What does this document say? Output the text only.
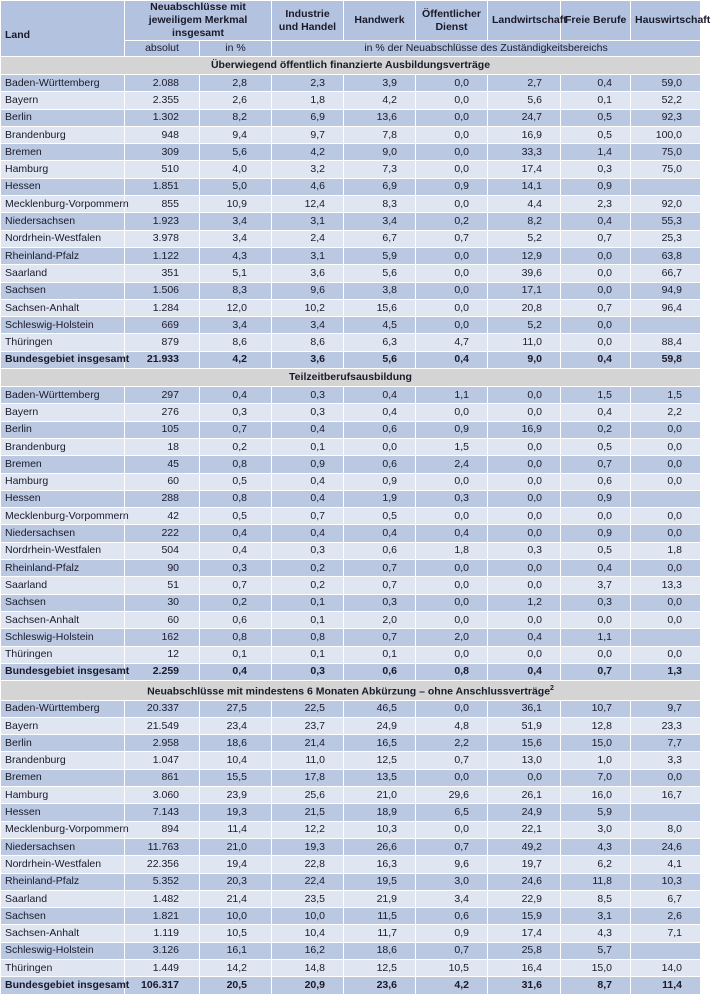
Land	Neuabschlüsse mit jeweiligem Merkmal insgesamt		Industrie und Handel	Handwerk	Öffentlicher Dienst	Landwirtschaft	Freie Berufe	Hauswirtschaft
	absolut	in %	in % der Neuabschlüsse des Zuständigkeitsbereichs					
Überwiegend öffentlich finanzierte Ausbildungsverträge								
Baden-Württemberg	2.088	2,8	2,3	3,9	0,0	2,7	0,4	59,0
Bayern	2.355	2,6	1,8	4,2	0,0	5,6	0,1	52,2
Berlin	1.302	8,2	6,9	13,6	0,0	24,7	0,5	92,3
Brandenburg	948	9,4	9,7	7,8	0,0	16,9	0,5	100,0
Bremen	309	5,6	4,2	9,0	0,0	33,3	1,4	75,0
Hamburg	510	4,0	3,2	7,3	0,0	17,4	0,3	75,0
Hessen	1.851	5,0	4,6	6,9	0,9	14,1	0,9	
Mecklenburg-Vorpommern	855	10,9	12,4	8,3	0,0	4,4	2,3	92,0
Niedersachsen	1.923	3,4	3,1	3,4	0,2	8,2	0,4	55,3
Nordrhein-Westfalen	3.978	3,4	2,4	6,7	0,7	5,2	0,7	25,3
Rheinland-Pfalz	1.122	4,3	3,1	5,9	0,0	12,9	0,0	63,8
Saarland	351	5,1	3,6	5,6	0,0	39,6	0,0	66,7
Sachsen	1.506	8,3	9,6	3,8	0,0	17,1	0,0	94,9
Sachsen-Anhalt	1.284	12,0	10,2	15,6	0,0	20,8	0,7	96,4
Schleswig-Holstein	669	3,4	3,4	4,5	0,0	5,2	0,0	
Thüringen	879	8,6	8,6	6,3	4,7	11,0	0,0	88,4
Bundesgebiet insgesamt	21.933	4,2	3,6	5,6	0,4	9,0	0,4	59,8
Teilzeitberufsausbildung								
Baden-Württemberg	297	0,4	0,3	0,4	1,1	0,0	1,5	1,5
Bayern	276	0,3	0,3	0,4	0,0	0,0	0,4	2,2
Berlin	105	0,7	0,4	0,6	0,9	16,9	0,2	0,0
Brandenburg	18	0,2	0,1	0,0	1,5	0,0	0,5	0,0
Bremen	45	0,8	0,9	0,6	2,4	0,0	0,7	0,0
Hamburg	60	0,5	0,4	0,9	0,0	0,0	0,6	0,0
Hessen	288	0,8	0,4	1,9	0,3	0,0	0,9	
Mecklenburg-Vorpommern	42	0,5	0,7	0,5	0,0	0,0	0,0	0,0
Niedersachsen	222	0,4	0,4	0,4	0,4	0,0	0,9	0,0
Nordrhein-Westfalen	504	0,4	0,3	0,6	1,8	0,3	0,5	1,8
Rheinland-Pfalz	90	0,3	0,2	0,7	0,0	0,0	0,4	0,0
Saarland	51	0,7	0,2	0,7	0,0	0,0	3,7	13,3
Sachsen	30	0,2	0,1	0,3	0,0	1,2	0,3	0,0
Sachsen-Anhalt	60	0,6	0,1	2,0	0,0	0,0	0,0	0,0
Schleswig-Holstein	162	0,8	0,8	0,7	2,0	0,4	1,1	
Thüringen	12	0,1	0,1	0,1	0,0	0,0	0,0	0,0
Bundesgebiet insgesamt	2.259	0,4	0,3	0,6	0,8	0,4	0,7	1,3
Neuabschlüsse mit mindestens 6 Monaten Abkürzung – ohne Anschlussverträge$^2$
Baden-Württemberg	20.337	27,5	22,5	46,5	0,0	36,1	10,7	9,7
Bayern	21.549	23,4	23,7	24,9	4,8	51,9	12,8	23,3
Berlin	2.958	18,6	21,4	16,5	2,2	15,6	15,0	7,7
Brandenburg	1.047	10,4	11,0	12,5	0,7	13,0	1,0	3,3
Bremen	861	15,5	17,8	13,5	0,0	0,0	7,0	0,0
Hamburg	3.060	23,9	25,6	21,0	29,6	26,1	16,0	16,7
Hessen	7.143	19,3	21,5	18,9	6,5	24,9	5,9	
Mecklenburg-Vorpommern	894	11,4	12,2	10,3	0,0	22,1	3,0	8,0
Niedersachsen	11.763	21,0	19,3	26,6	0,7	49,2	4,3	24,6
Nordrhein-Westfalen	22.356	19,4	22,8	16,3	9,6	19,7	6,2	4,1
Rheinland-Pfalz	5.352	20,3	22,4	19,5	3,0	24,6	11,8	10,3
Saarland	1.482	21,4	23,5	21,9	3,4	22,9	8,5	6,7
Sachsen	1.821	10,0	10,0	11,5	0,6	15,9	3,1	2,6
Sachsen-Anhalt	1.119	10,5	10,4	11,7	0,9	17,4	4,3	7,1
Schleswig-Holstein	3.126	16,1	16,2	18,6	0,7	25,8	5,7	
Thüringen	1.449	14,2	14,8	12,5	10,5	16,4	15,0	14,0
Bundesgebiet insgesamt	106.317	20,5	20,9	23,6	4,2	31,6	8,7	11,4
